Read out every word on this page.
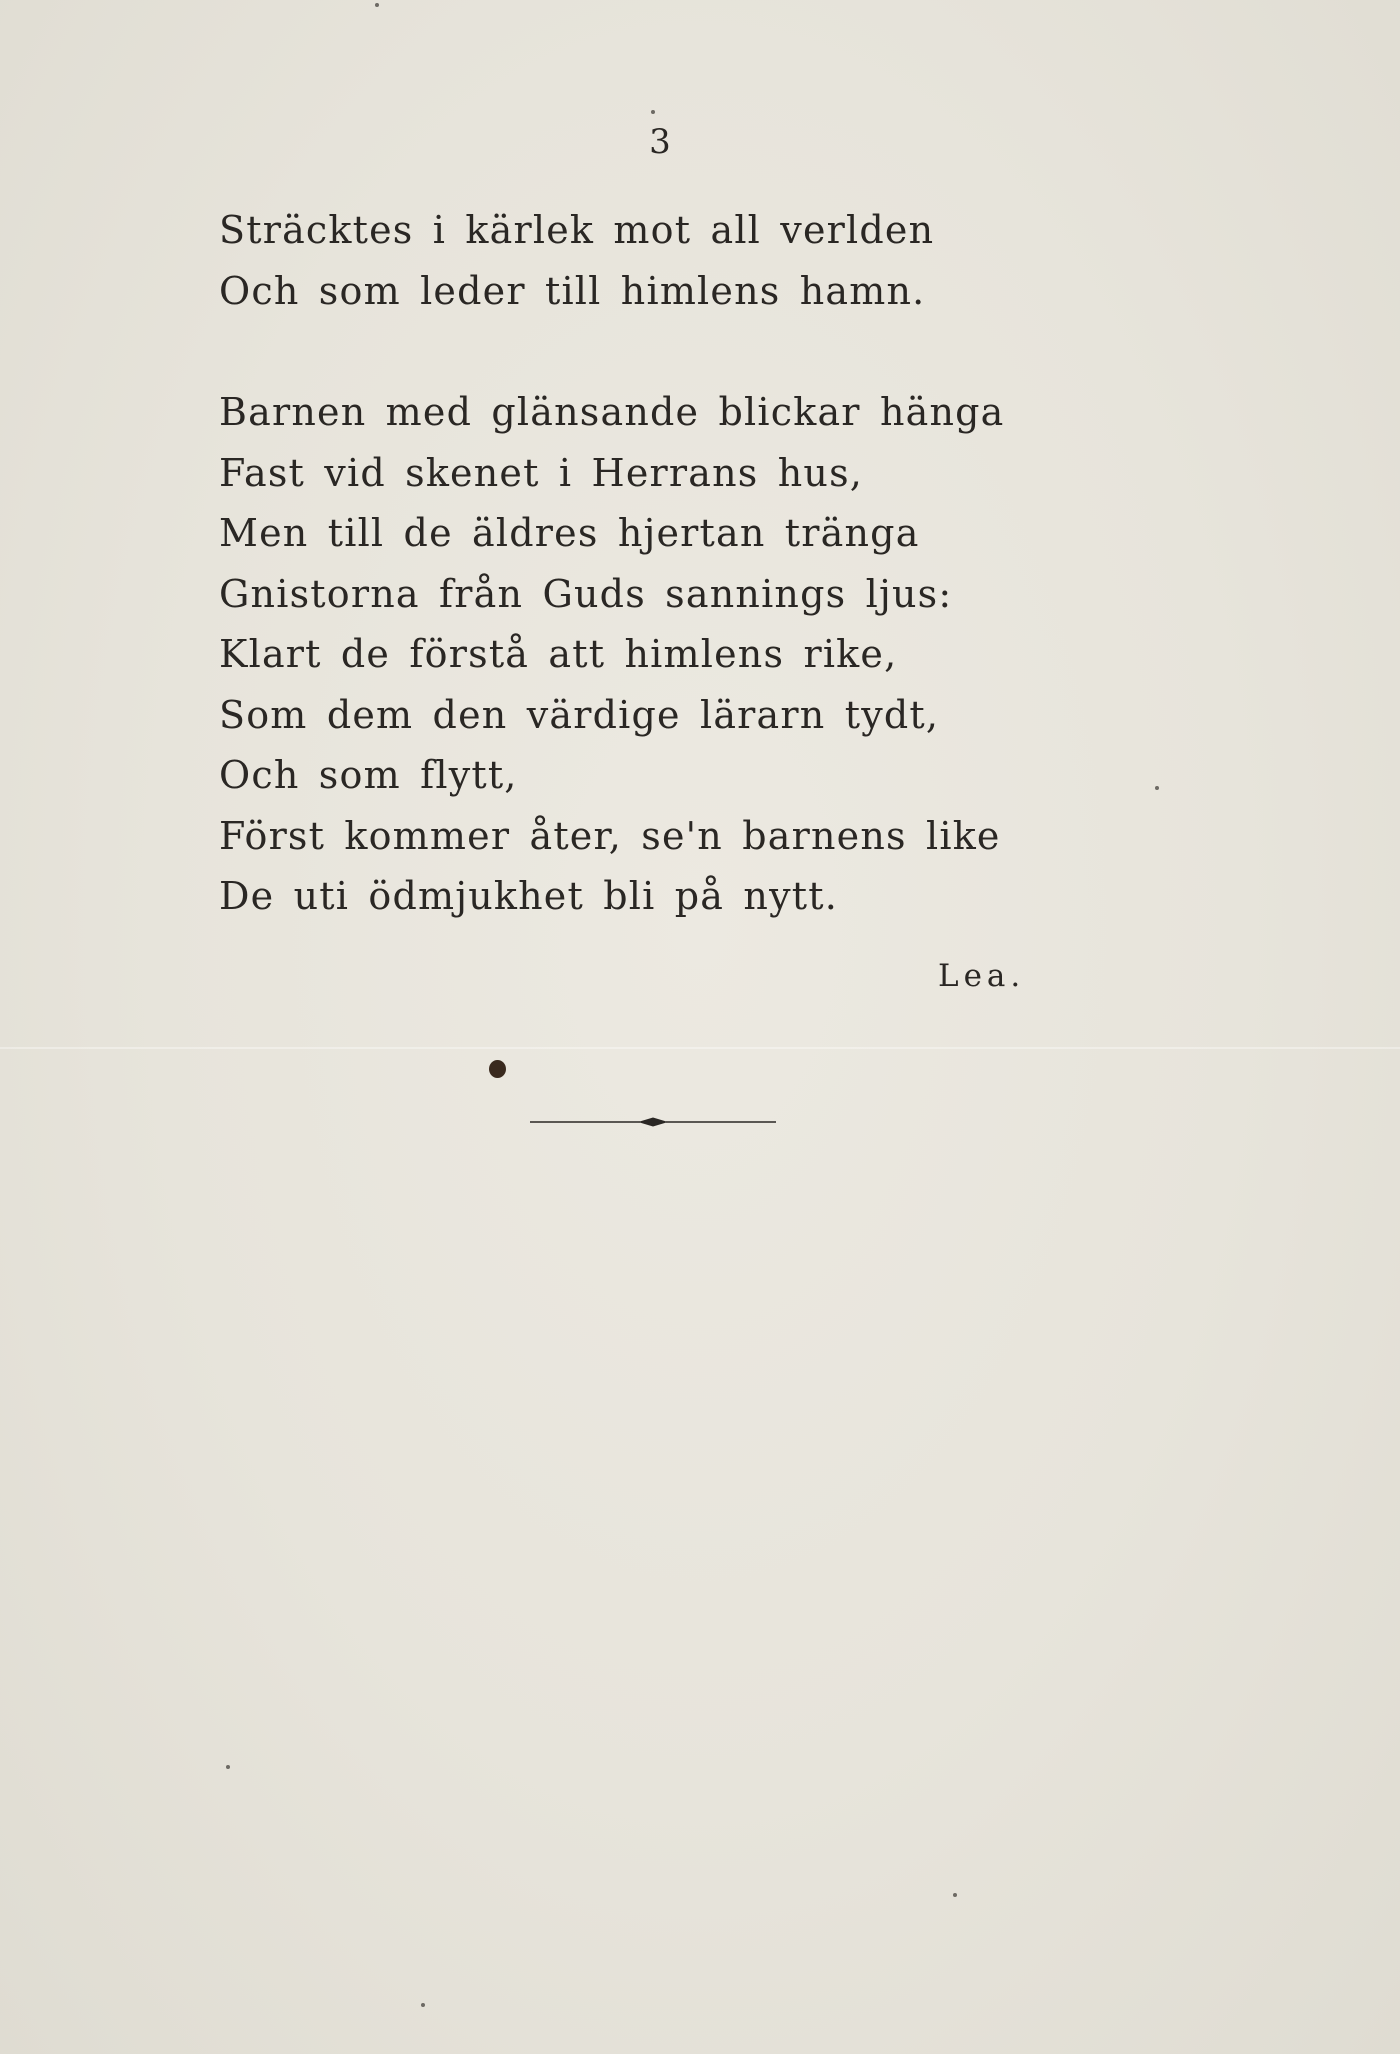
3
Sträcktes i kärlek mot all verlden
Och som leder till himlens hamn.
Barnen med glänsande blickar hänga
Fast vid skenet i Herrans hus,
Men till de äldres hjertan tränga
Gnistorna från Guds sannings ljus:
Klart de förstå att himlens rike,
Som dem den värdige lärarn tydt,
Och som flytt,
Först kommer åter, se'n barnens like
De uti ödmjukhet bli på nytt.
Lea.
